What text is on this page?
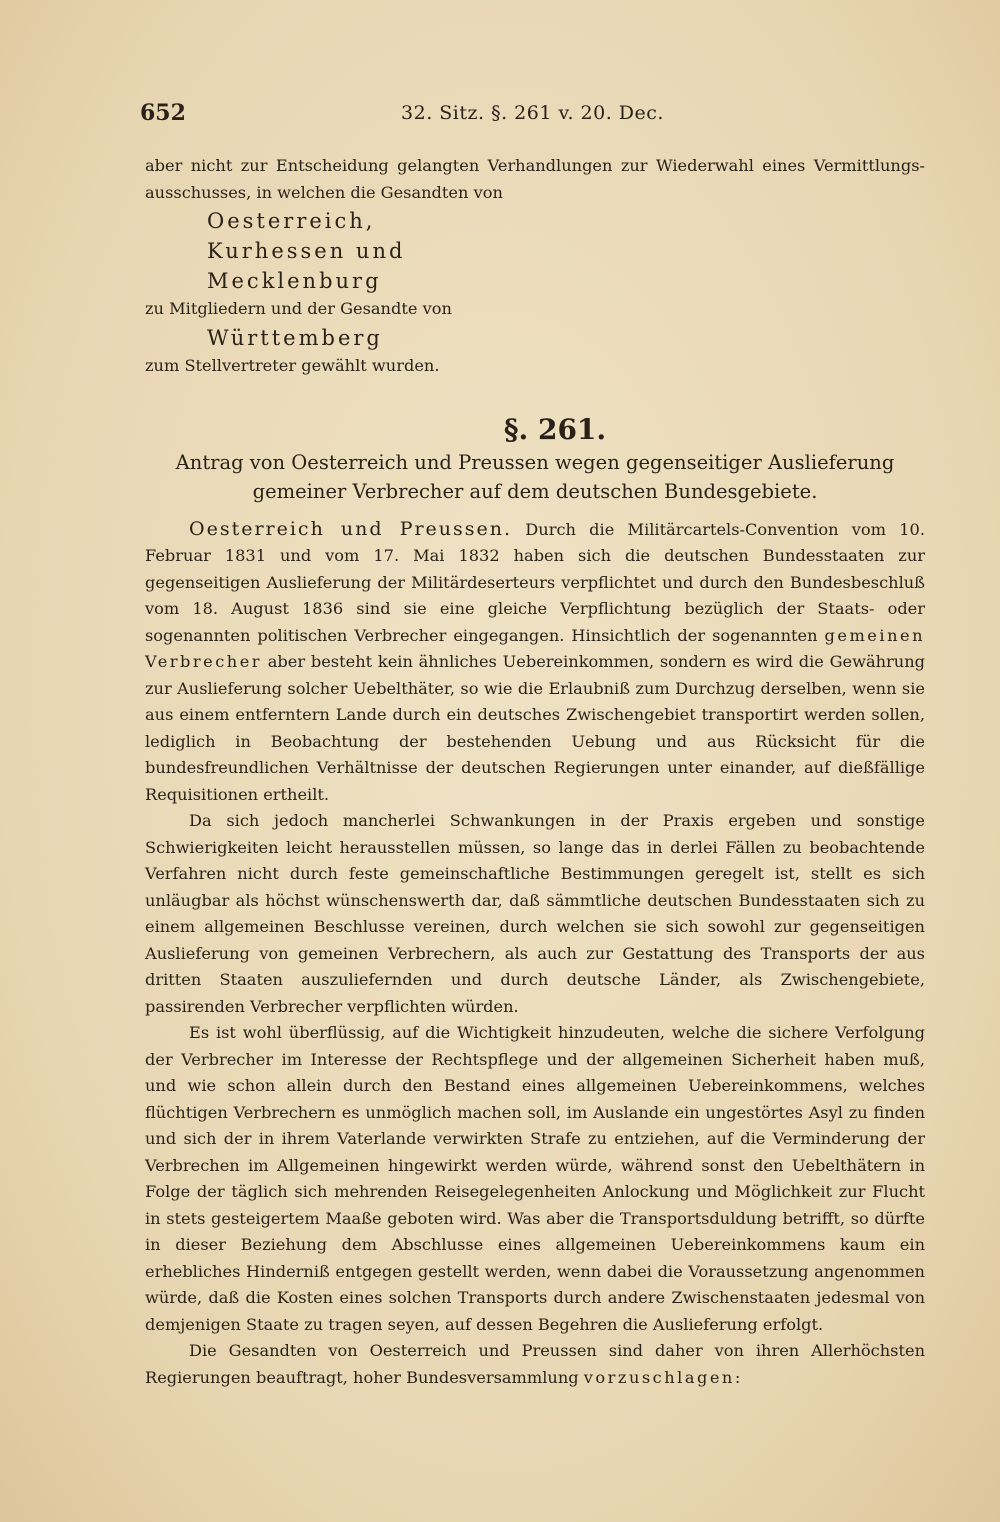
652	32. Sitz. §. 261 v. 20. Dec.

aber nicht zur Entscheidung gelangten Verhandlungen zur Wiederwahl eines Vermittlungs-ausschusses, in welchen die Gesandten von

Oesterreich,
Kurhessen und
Mecklenburg

zu Mitgliedern und der Gesandte von

Württemberg

zum Stellvertreter gewählt wurden.

§. 261.
Antrag von Oesterreich und Preussen wegen gegenseitiger Auslieferung gemeiner Verbrecher auf dem deutschen Bundesgebiete.

Oesterreich und Preussen. Durch die Militärcartels-Convention vom 10. Februar 1831 und vom 17. Mai 1832 haben sich die deutschen Bundesstaaten zur gegenseitigen Auslieferung der Militärdeserteurs verpflichtet und durch den Bundesbeschluß vom 18. August 1836 sind sie eine gleiche Verpflichtung bezüglich der Staats- oder sogenannten politischen Verbrecher eingegangen. Hinsichtlich der sogenannten gemeinen Verbrecher aber besteht kein ähnliches Uebereinkommen, sondern es wird die Gewährung zur Auslieferung solcher Uebelthäter, so wie die Erlaubniß zum Durchzug derselben, wenn sie aus einem entferntern Lande durch ein deutsches Zwischengebiet transportirt werden sollen, lediglich in Beobachtung der bestehenden Uebung und aus Rücksicht für die bundesfreundlichen Verhältnisse der deutschen Regierungen unter einander, auf dießfällige Requisitionen ertheilt.

Da sich jedoch mancherlei Schwankungen in der Praxis ergeben und sonstige Schwierigkeiten leicht herausstellen müssen, so lange das in derlei Fällen zu beobachtende Verfahren nicht durch feste gemeinschaftliche Bestimmungen geregelt ist, stellt es sich unläugbar als höchst wünschenswerth dar, daß sämmtliche deutschen Bundesstaaten sich zu einem allgemeinen Beschlusse vereinen, durch welchen sie sich sowohl zur gegenseitigen Auslieferung von gemeinen Verbrechern, als auch zur Gestattung des Transports der aus dritten Staaten auszuliefernden und durch deutsche Länder, als Zwischengebiete, passirenden Verbrecher verpflichten würden.

Es ist wohl überflüssig, auf die Wichtigkeit hinzudeuten, welche die sichere Verfolgung der Verbrecher im Interesse der Rechtspflege und der allgemeinen Sicherheit haben muß, und wie schon allein durch den Bestand eines allgemeinen Uebereinkommens, welches flüchtigen Verbrechern es unmöglich machen soll, im Auslande ein ungestörtes Asyl zu finden und sich der in ihrem Vaterlande verwirkten Strafe zu entziehen, auf die Verminderung der Verbrechen im Allgemeinen hingewirkt werden würde, während sonst den Uebelthätern in Folge der täglich sich mehrenden Reisegelegenheiten Anlockung und Möglichkeit zur Flucht in stets gesteigertem Maaße geboten wird. Was aber die Transportsduldung betrifft, so dürfte in dieser Beziehung dem Abschlusse eines allgemeinen Uebereinkommens kaum ein erhebliches Hinderniß entgegen gestellt werden, wenn dabei die Voraussetzung angenommen würde, daß die Kosten eines solchen Transports durch andere Zwischenstaaten jedesmal von demjenigen Staate zu tragen seyen, auf dessen Begehren die Auslieferung erfolgt.

Die Gesandten von Oesterreich und Preussen sind daher von ihren Allerhöchsten Regierungen beauftragt, hoher Bundesversammlung vorzuschlagen:
